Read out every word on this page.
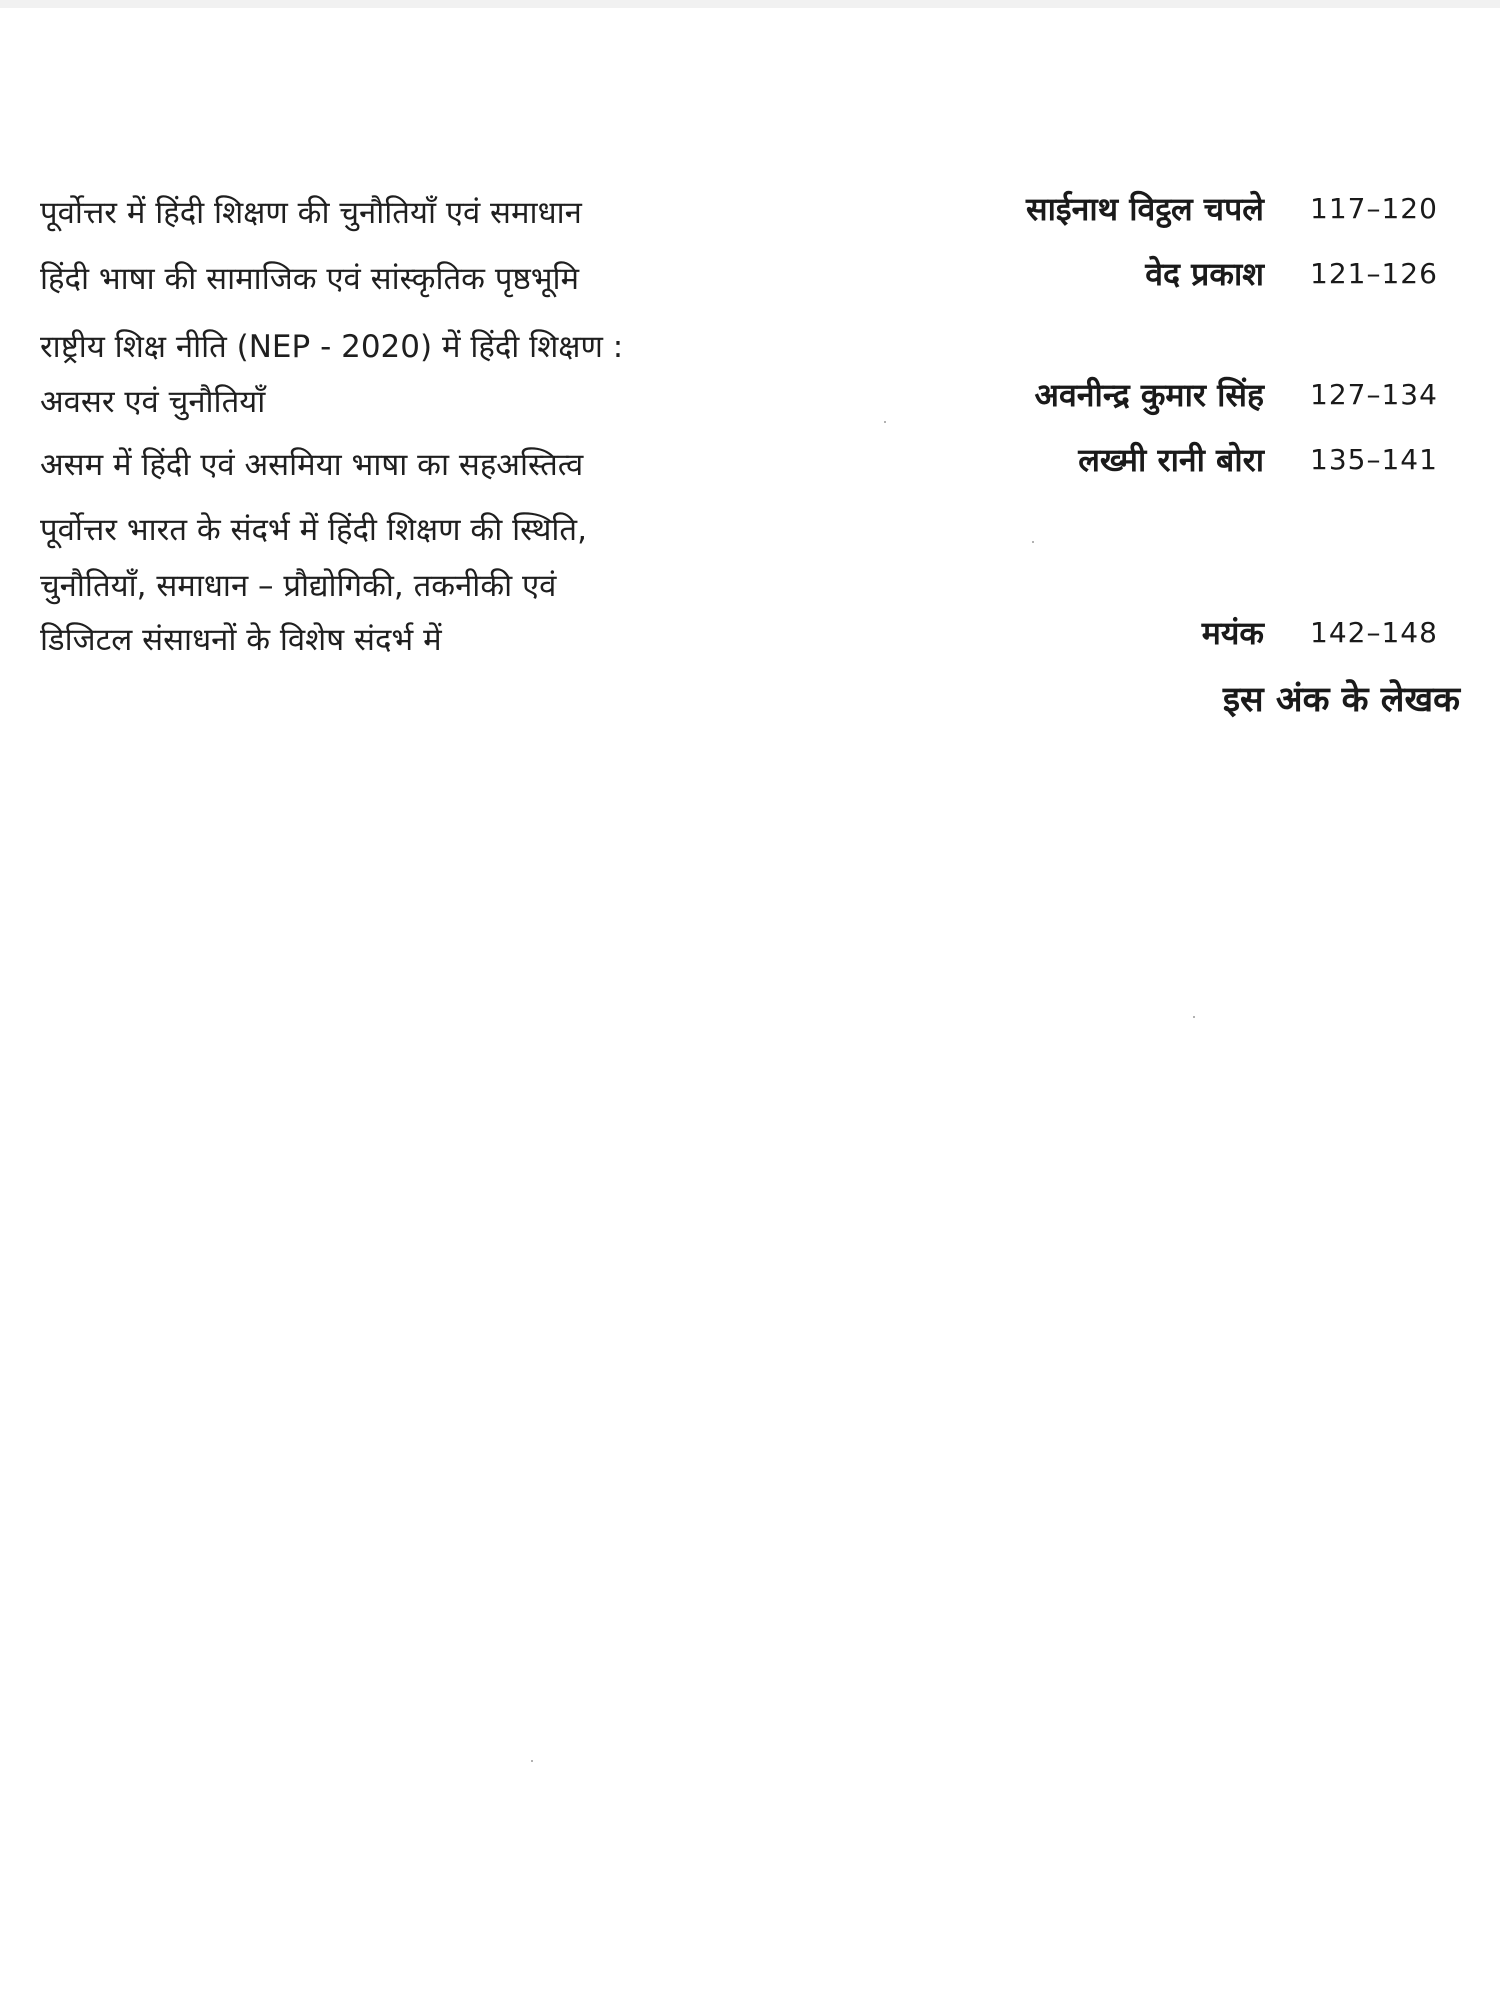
पूर्वोत्तर में हिंदी शिक्षण की चुनौतियाँ एवं समाधान	साईनाथ विट्ठल चपले 117–120
हिंदी भाषा की सामाजिक एवं सांस्कृतिक पृष्ठभूमि	वेद प्रकाश 121–126
राष्ट्रीय शिक्ष नीति (NEP - 2020) में हिंदी शिक्षण :
अवसर एवं चुनौतियाँ	अवनीन्द्र कुमार सिंह 127–134
असम में हिंदी एवं असमिया भाषा का सहअस्तित्व	लख्मी रानी बोरा 135–141
पूर्वोत्तर भारत के संदर्भ में हिंदी शिक्षण की स्थिति,
चुनौतियाँ, समाधान – प्रौद्योगिकी, तकनीकी एवं
डिजिटल संसाधनों के विशेष संदर्भ में	मयंक 142–148
इस अंक के लेखक
